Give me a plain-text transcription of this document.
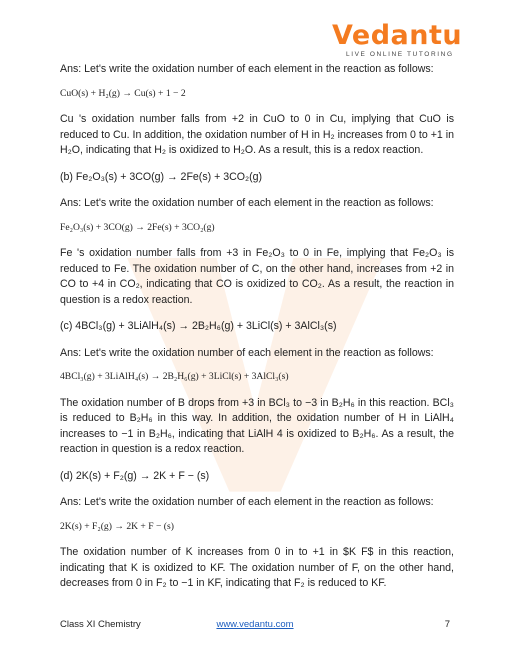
Vedantu
LIVE ONLINE TUTORING

Ans: Let's write the oxidation number of each element in the reaction as follows:

CuO(s) + H₂(g) → Cu(s) + 1 − 2

Cu 's oxidation number falls from +2 in CuO to 0 in Cu, implying that CuO is reduced to Cu. In addition, the oxidation number of H in H₂ increases from 0 to +1 in H₂O, indicating that H₂ is oxidized to H₂O. As a result, this is a redox reaction.

(b) Fe₂O₃(s) + 3CO(g) → 2Fe(s) + 3CO₂(g)

Ans: Let's write the oxidation number of each element in the reaction as follows:

Fe₂O₃(s) + 3CO(g) → 2Fe(s) + 3CO₂(g)

Fe 's oxidation number falls from +3 in Fe₂O₃ to 0 in Fe, implying that Fe₂O₃ is reduced to Fe. The oxidation number of C, on the other hand, increases from +2 in CO to +4 in CO₂, indicating that CO is oxidized to CO₂. As a result, the reaction in question is a redox reaction.

(c) 4BCl₃(g) + 3LiAlH₄(s) → 2B₂H₆(g) + 3LiCl(s) + 3AlCl₃(s)

Ans: Let's write the oxidation number of each element in the reaction as follows:

4BCl₃(g) + 3LiAlH₄(s) → 2B₂H₆(g) + 3LiCl(s) + 3AlCl₃(s)

The oxidation number of B drops from +3 in BCl₃ to −3 in B₂H₆ in this reaction. BCl₃ is reduced to B₂H₆ in this way. In addition, the oxidation number of H in LiAlH₄ increases to −1 in B₂H₆, indicating that LiAlH 4 is oxidized to B₂H₆. As a result, the reaction in question is a redox reaction.

(d) 2K(s) + F₂(g) → 2K + F − (s)

Ans: Let's write the oxidation number of each element in the reaction as follows:

2K(s) + F₂(g) → 2K + F − (s)

The oxidation number of K increases from 0 in to +1 in $K F$ in this reaction, indicating that K is oxidized to KF. The oxidation number of F, on the other hand, decreases from 0 in F₂ to −1 in KF, indicating that F₂ is reduced to KF.

Class XI Chemistry	www.vedantu.com	7
